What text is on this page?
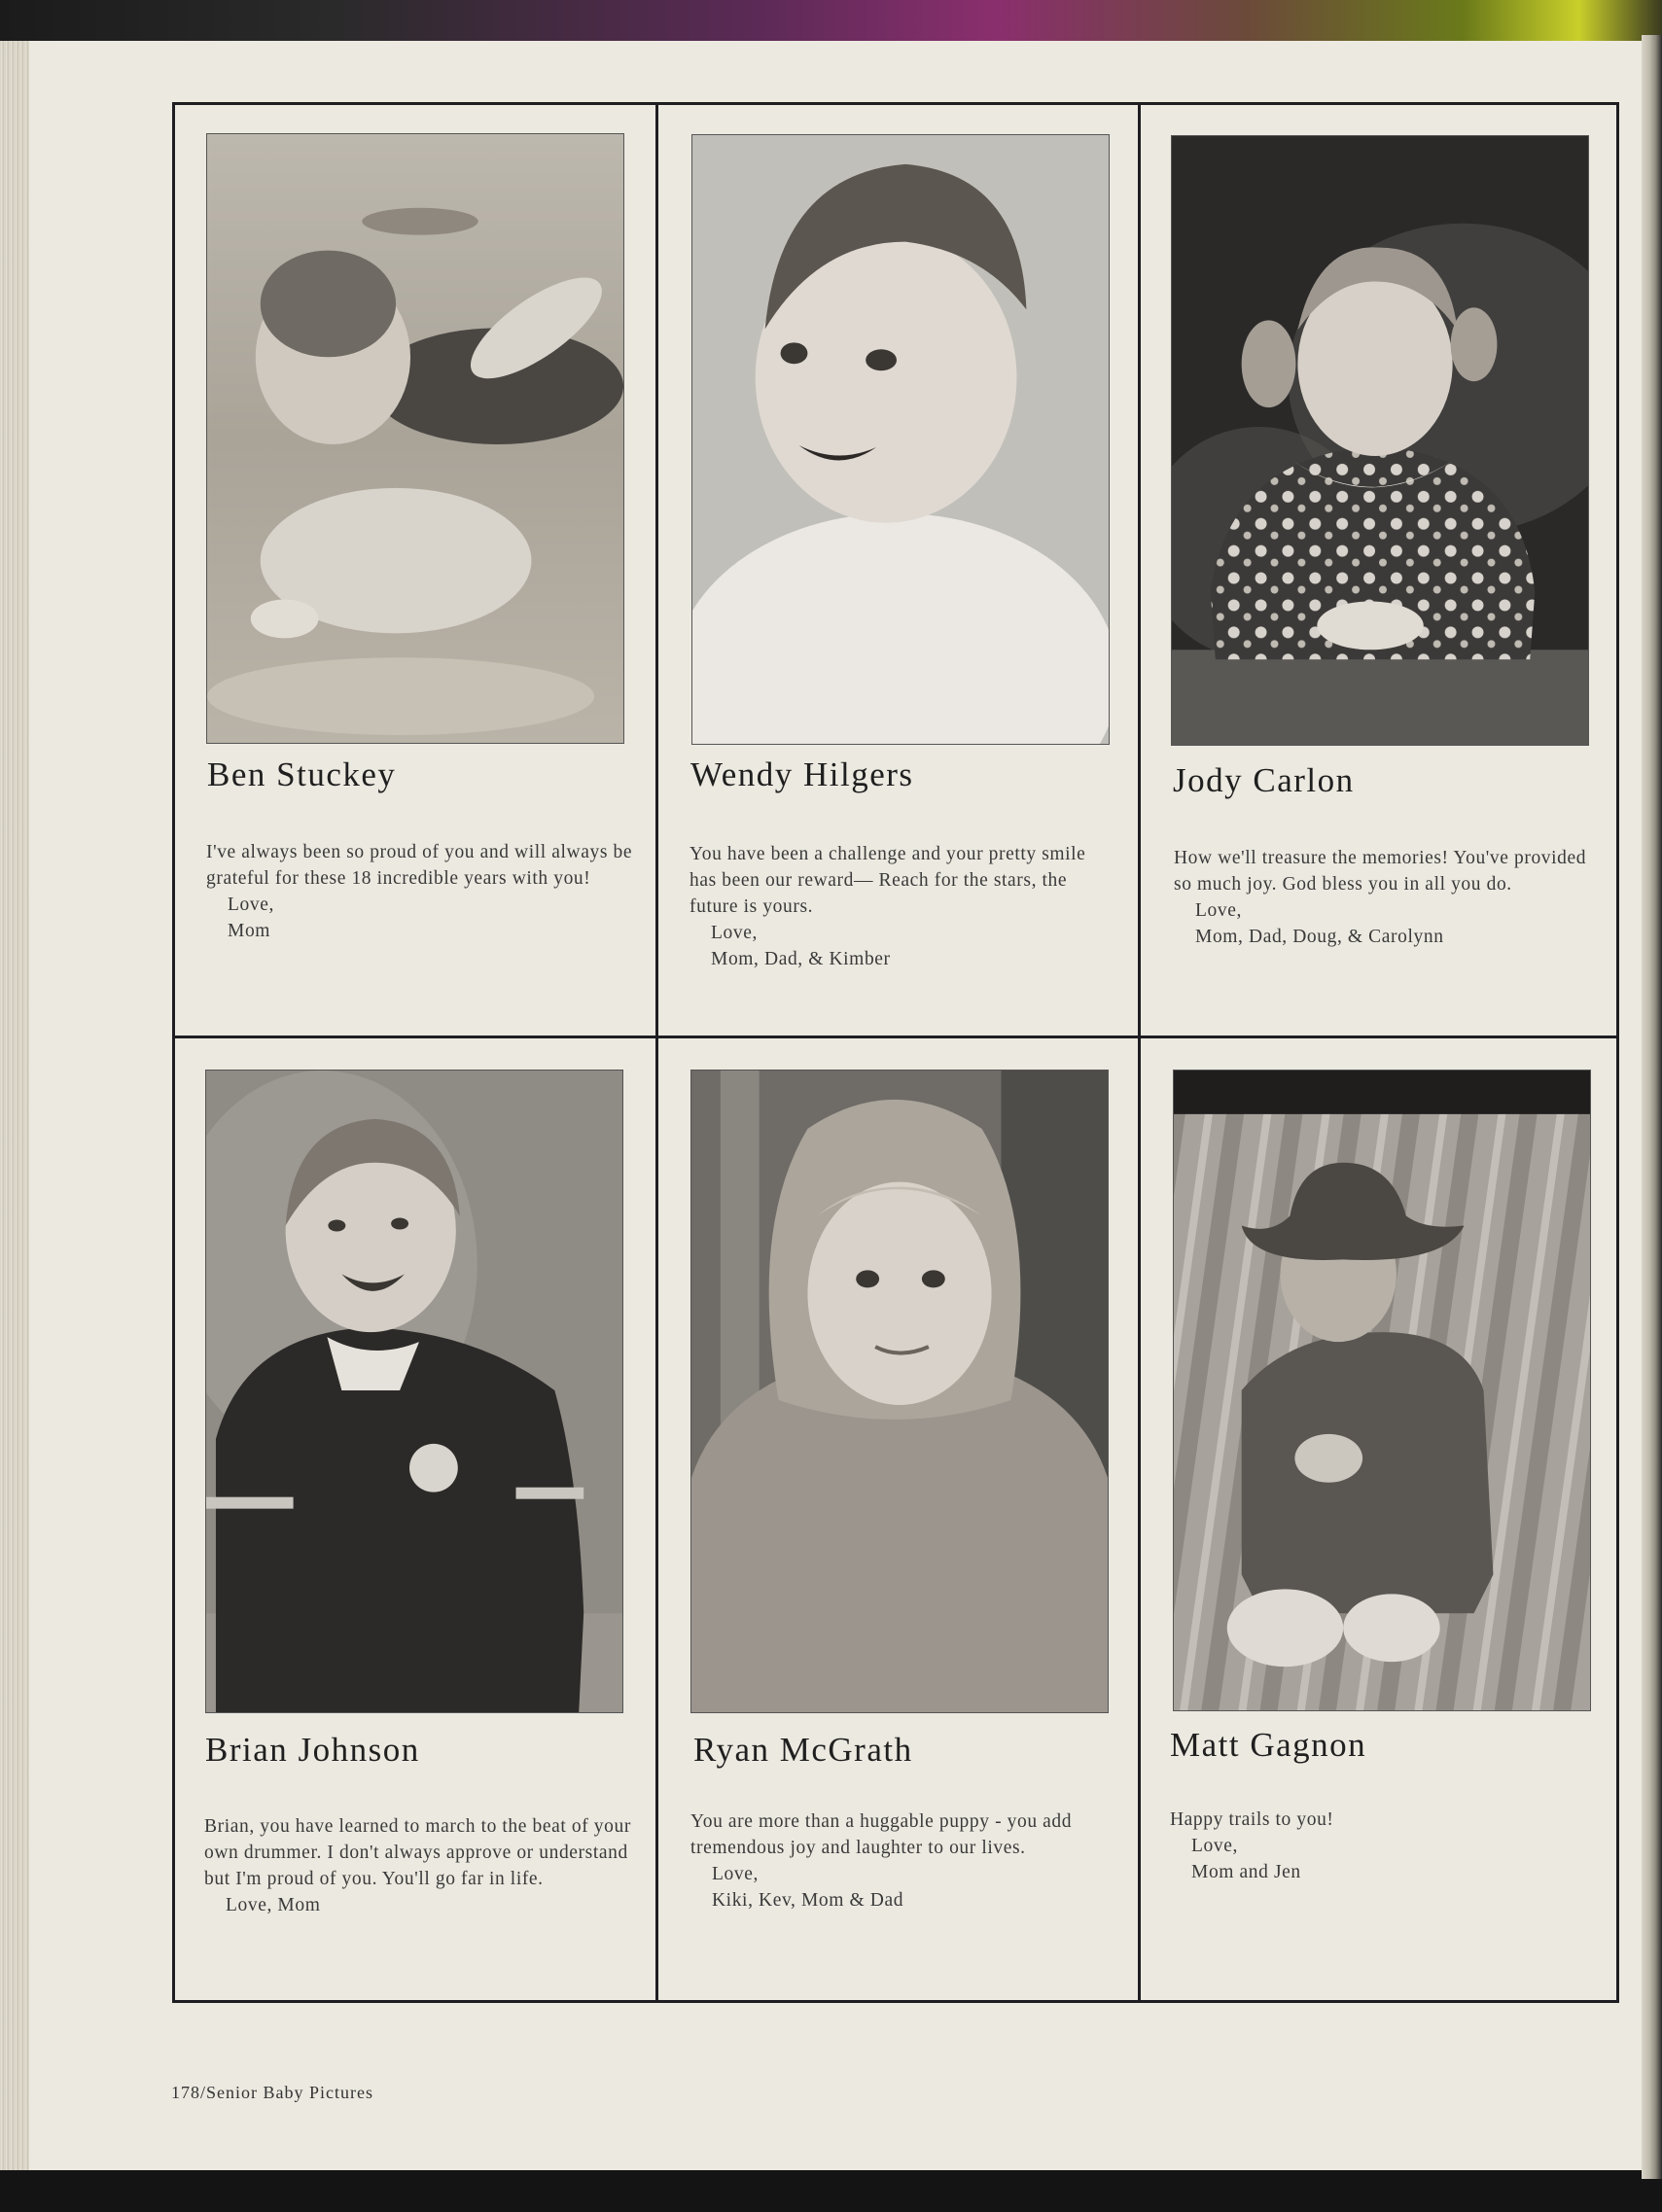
Ben Stuckey

I've always been so proud of you and will always be grateful for these 18 incredible years with you!

Love,

Mom

Wendy Hilgers

You have been a challenge and your pretty smile has been our reward— Reach for the stars, the future is yours.

Love,

Mom, Dad, & Kimber

Jody Carlon

How we'll treasure the memories! You've provided so much joy. God bless you in all you do.

Love,

Mom, Dad, Doug, & Carolynn

Brian Johnson

Brian, you have learned to march to the beat of your own drummer. I don't always approve or understand but I'm proud of you. You'll go far in life.

Love, Mom

Ryan McGrath

You are more than a huggable puppy - you add tremendous joy and laughter to our lives.

Love,

Kiki, Kev, Mom & Dad

Matt Gagnon

Happy trails to you!

Love,

Mom and Jen

178/Senior Baby Pictures
